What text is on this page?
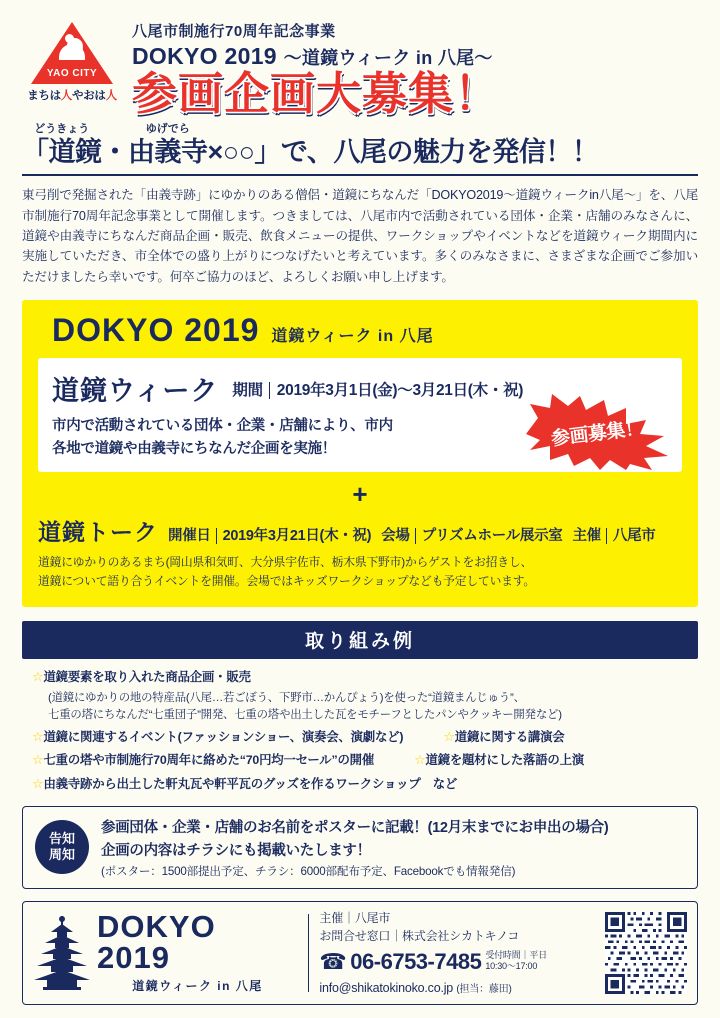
YAO CITY
まちは人やおは人
八尾市制施行70周年記念事業
DOKYO 2019 〜道鏡ウィーク in 八尾〜
参画企画大募集！
どうきょう
「道鏡・
ゆげでら
由義寺×○○」で、八尾の魅力を発信！！
東弓削で発掘された「由義寺跡」にゆかりのある僧侶・道鏡にちなんだ「DOKYO2019〜道鏡ウィークin八尾〜」を、八尾市制施行70周年記念事業として開催します。つきましては、八尾市内で活動されている団体・企業・店舗のみなさんに、道鏡や由義寺にちなんだ商品企画・販売、飲食メニューの提供、ワークショップやイベントなどを道鏡ウィーク期間内に実施していただき、市全体での盛り上がりにつなげたいと考えています。多くのみなさまに、さまざまな企画でご参加いただけましたら幸いです。何卒ご協力のほど、よろしくお願い申し上げます。
DOKYO 2019 道鏡ウィーク in 八尾
道鏡ウィーク 期間 2019年3月1日(金)〜3月21日(木・祝)
市内で活動されている団体・企業・店舗により、市内
各地で道鏡や由義寺にちなんだ企画を実施！	参画募集！
+
道鏡トーク 開催日 2019年3月21日(木・祝) 会場 プリズムホール展示室 主催 八尾市
道鏡にゆかりのあるまち(岡山県和気町、大分県宇佐市、栃木県下野市)からゲストをお招きし、
道鏡について語り合うイベントを開催。会場ではキッズワークショップなども予定しています。
取り組み例
☆道鏡要素を取り入れた商品企画・販売
(道鏡にゆかりの地の特産品(八尾…若ごぼう、下野市…かんぴょう)を使った“道鏡まんじゅう”、
七重の塔にちなんだ“七重団子”開発、七重の塔や出土した瓦をモチーフとしたパンやクッキー開発など)
☆道鏡に関連するイベント(ファッションショー、演奏会、演劇など)	☆道鏡に関する講演会
☆七重の塔や市制施行70周年に絡めた“70円均一セール”の開催	☆道鏡を題材にした落語の上演
☆由義寺跡から出土した軒丸瓦や軒平瓦のグッズを作るワークショップ　など
告知
周知
参画団体・企業・店舗のお名前をポスターに記載！(12月末までにお申出の場合)
企画の内容はチラシにも掲載いたします！
(ポスター：1500部提出予定、チラシ：6000部配布予定、Facebookでも情報発信)
DOKYO 2019
道鏡ウィーク in 八尾
主催｜八尾市
お問合せ窓口｜株式会社シカトキノコ
☎ 06-6753-7485 受付時間｜平日
10:30〜17:00
info@shikatokinoko.co.jp (担当：藤田)
